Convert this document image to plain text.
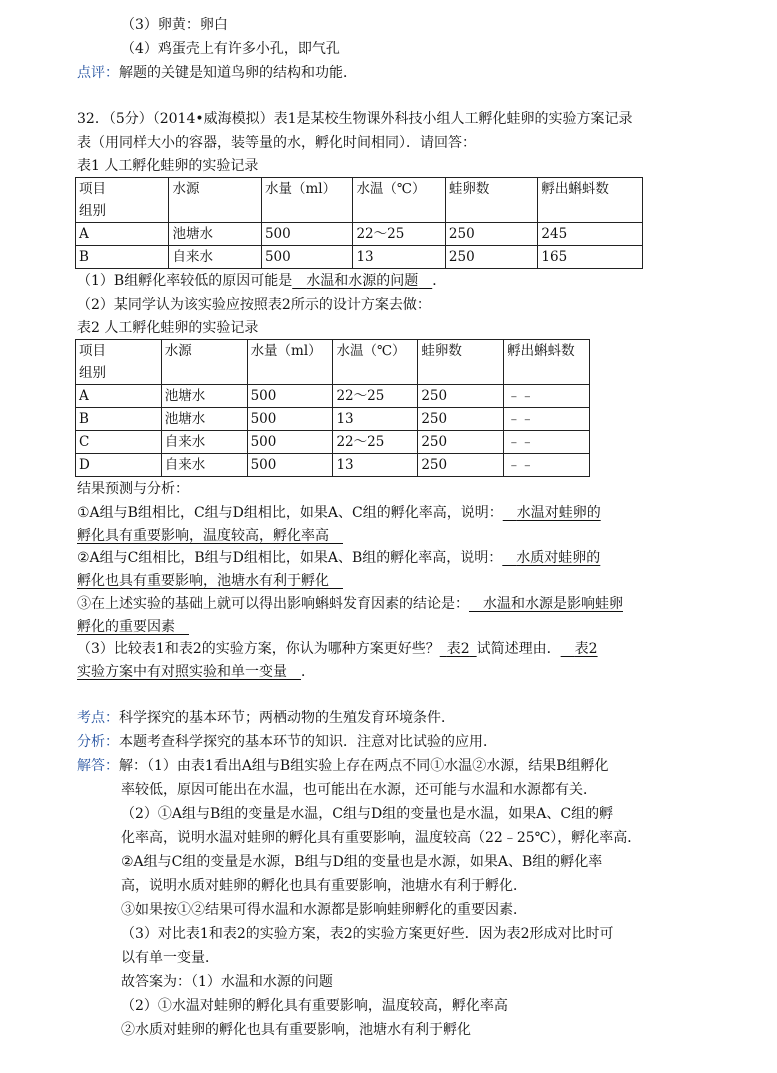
（3）卵黄：卵白
（4）鸡蛋壳上有许多小孔，即气孔
点评：解题的关键是知道鸟卵的结构和功能．
32．（5分）（2014•威海模拟）表1是某校生物课外科技小组人工孵化蛙卵的实验方案记录
表（用同样大小的容器，装等量的水，孵化时间相同）．请回答：
表1 人工孵化蛙卵的实验记录
项目
组别	水源	水量（ml）	水温（℃）	蛙卵数	孵出蝌蚪数
A	池塘水	500	22～25	250	245
B	自来水	500	13	250	165
（1）B组孵化率较低的原因可能是  水温和水源的问题  ．
（2）某同学认为该实验应按照表2所示的设计方案去做：
表2 人工孵化蛙卵的实验记录
项目
组别	水源	水量（ml）	水温（℃）	蛙卵数	孵出蝌蚪数
A	池塘水	500	22～25	250	﹣﹣
B	池塘水	500	13	250	﹣﹣
C	自来水	500	22～25	250	﹣﹣
D	自来水	500	13	250	﹣﹣
结果预测与分析：
①A组与B组相比，C组与D组相比，如果A、C组的孵化率高，说明：   水温对蛙卵的
孵化具有重要影响，温度较高，孵化率高 
②A组与C组相比，B组与D组相比，如果A、B组的孵化率高，说明：   水质对蛙卵的
孵化也具有重要影响，池塘水有利于孵化 
③在上述实验的基础上就可以得出影响蝌蚪发育因素的结论是：   水温和水源是影响蛙卵
孵化的重要因素 
（3）比较表1和表2的实验方案，你认为哪种方案更好些？  表2  试简述理由．   表2
实验方案中有对照实验和单一变量  ．
考点：科学探究的基本环节；两栖动物的生殖发育环境条件．
分析：本题考查科学探究的基本环节的知识．注意对比试验的应用．
解答：解：（1）由表1看出A组与B组实验上存在两点不同①水温②水源，结果B组孵化
率较低，原因可能出在水温，也可能出在水源，还可能与水温和水源都有关．
（2）①A组与B组的变量是水温，C组与D组的变量也是水温，如果A、C组的孵
化率高，说明水温对蛙卵的孵化具有重要影响，温度较高（22﹣25℃），孵化率高．
②A组与C组的变量是水源，B组与D组的变量也是水源，如果A、B组的孵化率
高，说明水质对蛙卵的孵化也具有重要影响，池塘水有利于孵化．
③如果按①②结果可得水温和水源都是影响蛙卵孵化的重要因素．
（3）对比表1和表2的实验方案，表2的实验方案更好些．因为表2形成对比时可
以有单一变量．
故答案为：（1）水温和水源的问题
（2）①水温对蛙卵的孵化具有重要影响，温度较高，孵化率高
②水质对蛙卵的孵化也具有重要影响，池塘水有利于孵化
